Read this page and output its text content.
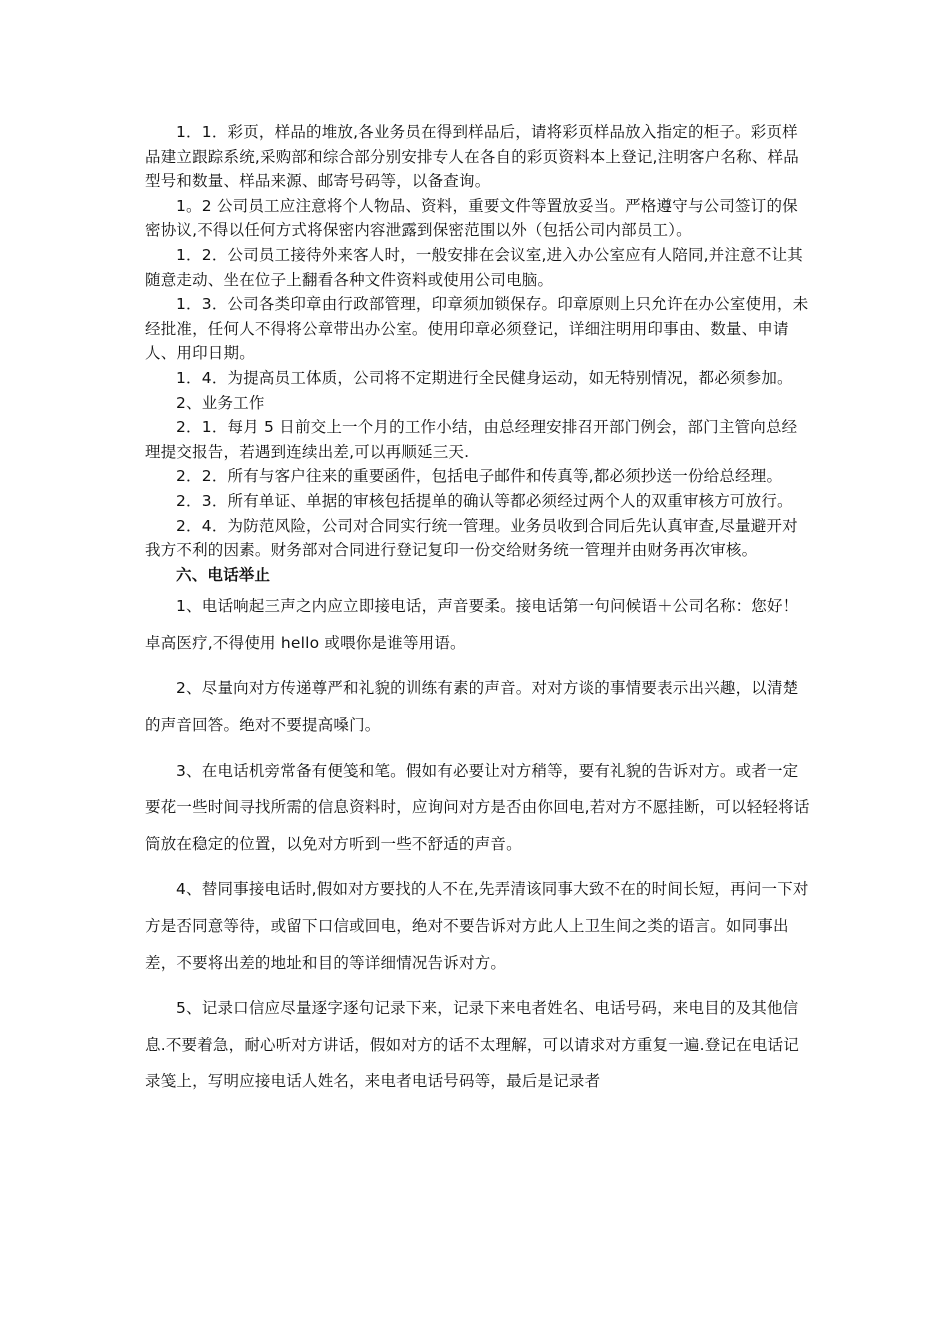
1．1．彩页，样品的堆放,各业务员在得到样品后，请将彩页样品放入指定的柜子。彩页样品建立跟踪系统,采购部和综合部分别安排专人在各自的彩页资料本上登记,注明客户名称、样品型号和数量、样品来源、邮寄号码等，以备查询。

1。2 公司员工应注意将个人物品、资料，重要文件等置放妥当。严格遵守与公司签订的保密协议,不得以任何方式将保密内容泄露到保密范围以外（包括公司内部员工）。

1．2．公司员工接待外来客人时，一般安排在会议室,进入办公室应有人陪同,并注意不让其随意走动、坐在位子上翻看各种文件资料或使用公司电脑。

1．3．公司各类印章由行政部管理，印章须加锁保存。印章原则上只允许在办公室使用，未经批准，任何人不得将公章带出办公室。使用印章必须登记，详细注明用印事由、数量、申请人、用印日期。

1．4．为提高员工体质，公司将不定期进行全民健身运动，如无特别情况，都必须参加。

2、业务工作

2．1．每月 5 日前交上一个月的工作小结，由总经理安排召开部门例会，部门主管向总经理提交报告，若遇到连续出差,可以再顺延三天.

2．2．所有与客户往来的重要函件，包括电子邮件和传真等,都必须抄送一份给总经理。

2．3．所有单证、单据的审核包括提单的确认等都必须经过两个人的双重审核方可放行。

2．4．为防范风险，公司对合同实行统一管理。业务员收到合同后先认真审查,尽量避开对我方不利的因素。财务部对合同进行登记复印一份交给财务统一管理并由财务再次审核。

六、电话举止

1、电话响起三声之内应立即接电话，声音要柔。接电话第一句问候语＋公司名称：您好！卓高医疗,不得使用 hello 或喂你是谁等用语。

2、尽量向对方传递尊严和礼貌的训练有素的声音。对对方谈的事情要表示出兴趣，以清楚的声音回答。绝对不要提高嗓门。

3、在电话机旁常备有便笺和笔。假如有必要让对方稍等，要有礼貌的告诉对方。或者一定要花一些时间寻找所需的信息资料时，应询问对方是否由你回电,若对方不愿挂断，可以轻轻将话筒放在稳定的位置，以免对方听到一些不舒适的声音。

4、替同事接电话时,假如对方要找的人不在,先弄清该同事大致不在的时间长短，再问一下对方是否同意等待，或留下口信或回电，绝对不要告诉对方此人上卫生间之类的语言。如同事出差，不要将出差的地址和目的等详细情况告诉对方。

5、记录口信应尽量逐字逐句记录下来，记录下来电者姓名、电话号码，来电目的及其他信息.不要着急，耐心听对方讲话，假如对方的话不太理解，可以请求对方重复一遍.登记在电话记录笺上，写明应接电话人姓名，来电者电话号码等，最后是记录者
